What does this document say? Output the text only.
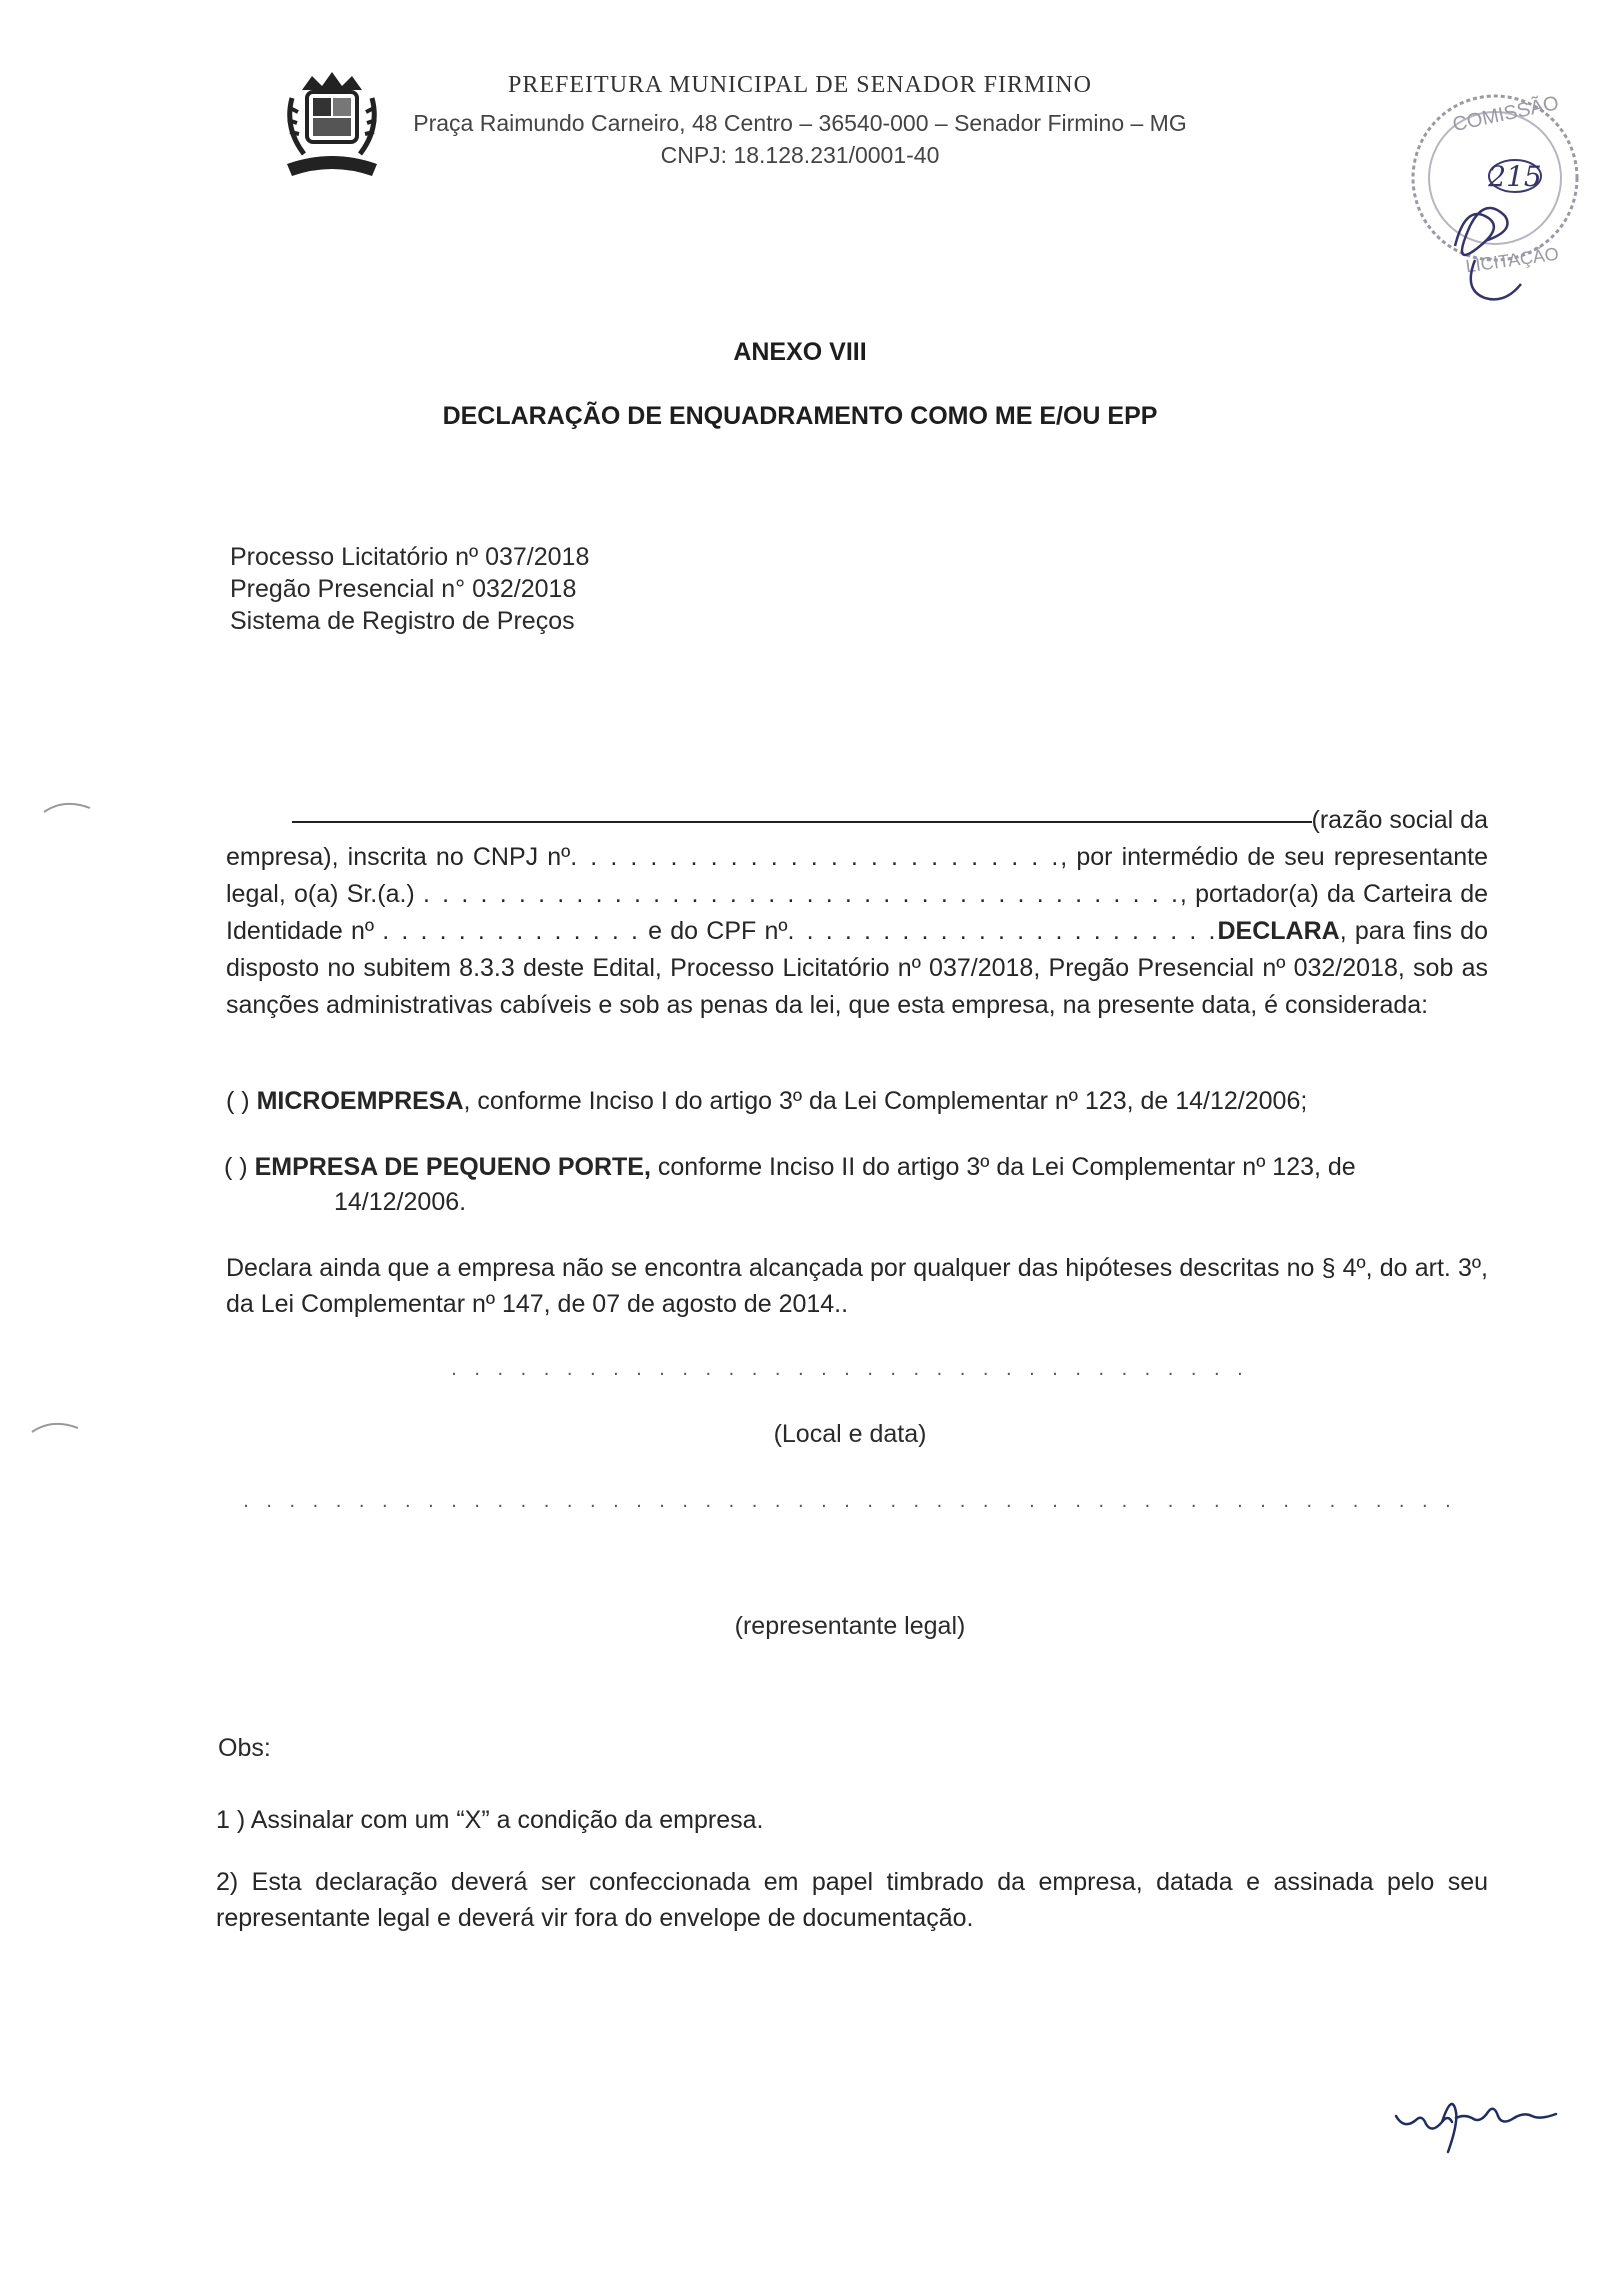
PREFEITURA MUNICIPAL DE SENADOR FIRMINO
Praça Raimundo Carneiro, 48 Centro – 36540-000 – Senador Firmino – MG
CNPJ: 18.128.231/0001-40
COMISSÃO
LICITAÇÃO
215
ANEXO VIII
DECLARAÇÃO DE ENQUADRAMENTO COMO ME E/OU EPP
Processo Licitatório nº 037/2018
Pregão Presencial n° 032/2018
Sistema de Registro de Preços
(razão social da
empresa), inscrita no CNPJ nº. . . . . . . . . . . . . . . . . . . . . . . . ., por intermédio de seu representante
legal, o(a) Sr.(a.) . . . . . . . . . . . . . . . . . . . . . . . . . . . . . . . . . . . . . . . ., portador(a) da Carteira de
Identidade nº . . . . . . . . . . . . . . e do CPF nº. . . . . . . . . . . . . . . . . . . . . . .DECLARA, para fins do disposto no subitem 8.3.3 deste Edital, Processo Licitatório nº 037/2018, Pregão Presencial nº 032/2018, sob as sanções administrativas cabíveis e sob as penas da lei, que esta empresa, na presente data, é considerada:
( ) MICROEMPRESA, conforme Inciso I do artigo 3º da Lei Complementar nº 123, de 14/12/2006;
( ) EMPRESA DE PEQUENO PORTE, conforme Inciso II do artigo 3º da Lei Complementar nº 123, de
14/12/2006.
Declara ainda que a empresa não se encontra alcançada por qualquer das hipóteses descritas no § 4º, do art. 3º, da Lei Complementar nº 147, de 07 de agosto de 2014..
. . . . . . . . . . . . . . . . . . . . . . . . . . . . . . . . . . .
(Local e data)
. . . . . . . . . . . . . . . . . . . . . . . . . . . . . . . . . . . . . . . . . . . . . . . . . . . . .
(representante legal)
Obs:
1 ) Assinalar com um “X” a condição da empresa.
2) Esta declaração deverá ser confeccionada em papel timbrado da empresa, datada e assinada pelo seu representante legal e deverá vir fora do envelope de documentação.
